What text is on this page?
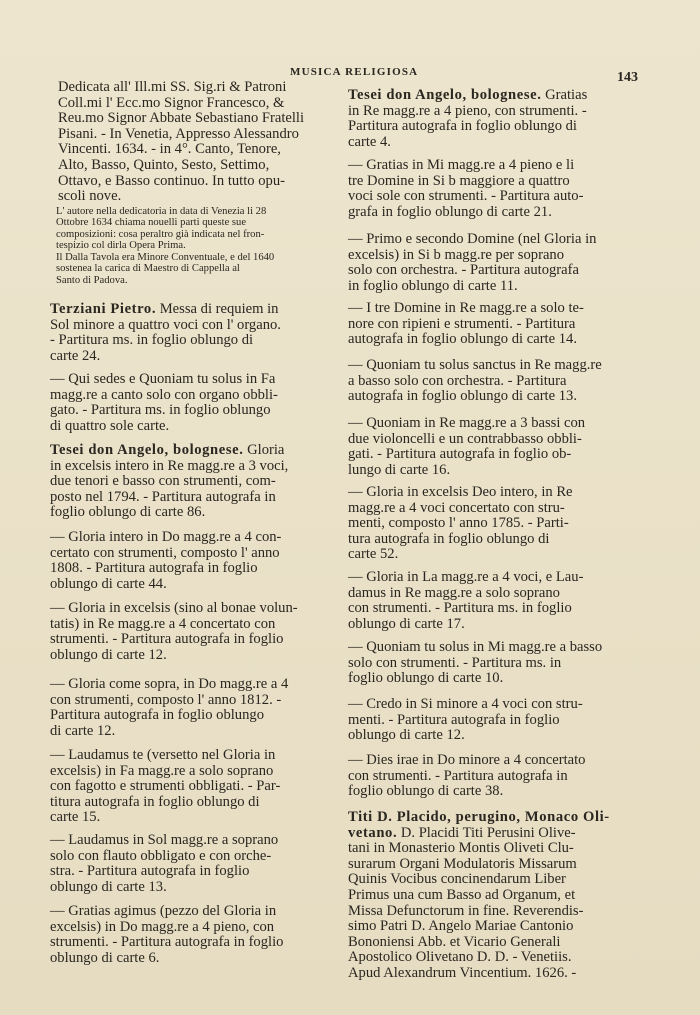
MUSICA RELIGIOSA	143
Dedicata all' Ill.mi SS. Sig.ri & Patroni
Coll.mi l' Ecc.mo Signor Francesco, &
Reu.mo Signor Abbate Sebastiano Fratelli
Pisani. - In Venetia, Appresso Alessandro
Vincenti. 1634. - in 4°. Canto, Tenore,
Alto, Basso, Quinto, Sesto, Settimo,
Ottavo, e Basso continuo. In tutto opu-
scoli nove.
L' autore nella dedicatoria in data di Venezia li 28
Ottobre 1634 chiama nouelli parti queste sue
composizioni: cosa peraltro già indicata nel fron-
tespizio col dirla Opera Prima.
Il Dalla Tavola era Minore Conventuale, e del 1640
sostenea la carica di Maestro di Cappella al
Santo di Padova.
Terziani Pietro. Messa di requiem in
Sol minore a quattro voci con l' organo.
- Partitura ms. in foglio oblungo di
carte 24.
— Qui sedes e Quoniam tu solus in Fa
magg.re a canto solo con organo obbli-
gato. - Partitura ms. in foglio oblungo
di quattro sole carte.
Tesei don Angelo, bolognese. Gloria
in excelsis intero in Re magg.re a 3 voci,
due tenori e basso con strumenti, com-
posto nel 1794. - Partitura autografa in
foglio oblungo di carte 86.
— Gloria intero in Do magg.re a 4 con-
certato con strumenti, composto l' anno
1808. - Partitura autografa in foglio
oblungo di carte 44.
— Gloria in excelsis (sino al bonae volun-
tatis) in Re magg.re a 4 concertato con
strumenti. - Partitura autografa in foglio
oblungo di carte 12.
— Gloria come sopra, in Do magg.re a 4
con strumenti, composto l' anno 1812. -
Partitura autografa in foglio oblungo
di carte 12.
— Laudamus te (versetto nel Gloria in
excelsis) in Fa magg.re a solo soprano
con fagotto e strumenti obbligati. - Par-
titura autografa in foglio oblungo di
carte 15.
— Laudamus in Sol magg.re a soprano
solo con flauto obbligato e con orche-
stra. - Partitura autografa in foglio
oblungo di carte 13.
— Gratias agimus (pezzo del Gloria in
excelsis) in Do magg.re a 4 pieno, con
strumenti. - Partitura autografa in foglio
oblungo di carte 6.
Tesei don Angelo, bolognese. Gratias
in Re magg.re a 4 pieno, con strumenti. -
Partitura autografa in foglio oblungo di
carte 4.
— Gratias in Mi magg.re a 4 pieno e li
tre Domine in Si b maggiore a quattro
voci sole con strumenti. - Partitura auto-
grafa in foglio oblungo di carte 21.
— Primo e secondo Domine (nel Gloria in
excelsis) in Si b magg.re per soprano
solo con orchestra. - Partitura autografa
in foglio oblungo di carte 11.
— I tre Domine in Re magg.re a solo te-
nore con ripieni e strumenti. - Partitura
autografa in foglio oblungo di carte 14.
— Quoniam tu solus sanctus in Re magg.re
a basso solo con orchestra. - Partitura
autografa in foglio oblungo di carte 13.
— Quoniam in Re magg.re a 3 bassi con
due violoncelli e un contrabbasso obbli-
gati. - Partitura autografa in foglio ob-
lungo di carte 16.
— Gloria in excelsis Deo intero, in Re
magg.re a 4 voci concertato con stru-
menti, composto l' anno 1785. - Parti-
tura autografa in foglio oblungo di
carte 52.
— Gloria in La magg.re a 4 voci, e Lau-
damus in Re magg.re a solo soprano
con strumenti. - Partitura ms. in foglio
oblungo di carte 17.
— Quoniam tu solus in Mi magg.re a basso
solo con strumenti. - Partitura ms. in
foglio oblungo di carte 10.
— Credo in Si minore a 4 voci con stru-
menti. - Partitura autografa in foglio
oblungo di carte 12.
— Dies irae in Do minore a 4 concertato
con strumenti. - Partitura autografa in
foglio oblungo di carte 38.
Titi D. Placido, perugino, Monaco Oli-
vetano. D. Placidi Titi Perusini Olive-
tani in Monasterio Montis Oliveti Clu-
surarum Organi Modulatoris Missarum
Quinis Vocibus concinendarum Liber
Primus una cum Basso ad Organum, et
Missa Defunctorum in fine. Reverendis-
simo Patri D. Angelo Mariae Cantonio
Bononiensi Abb. et Vicario Generali
Apostolico Olivetano D. D. - Venetiis.
Apud Alexandrum Vincentium. 1626. -
